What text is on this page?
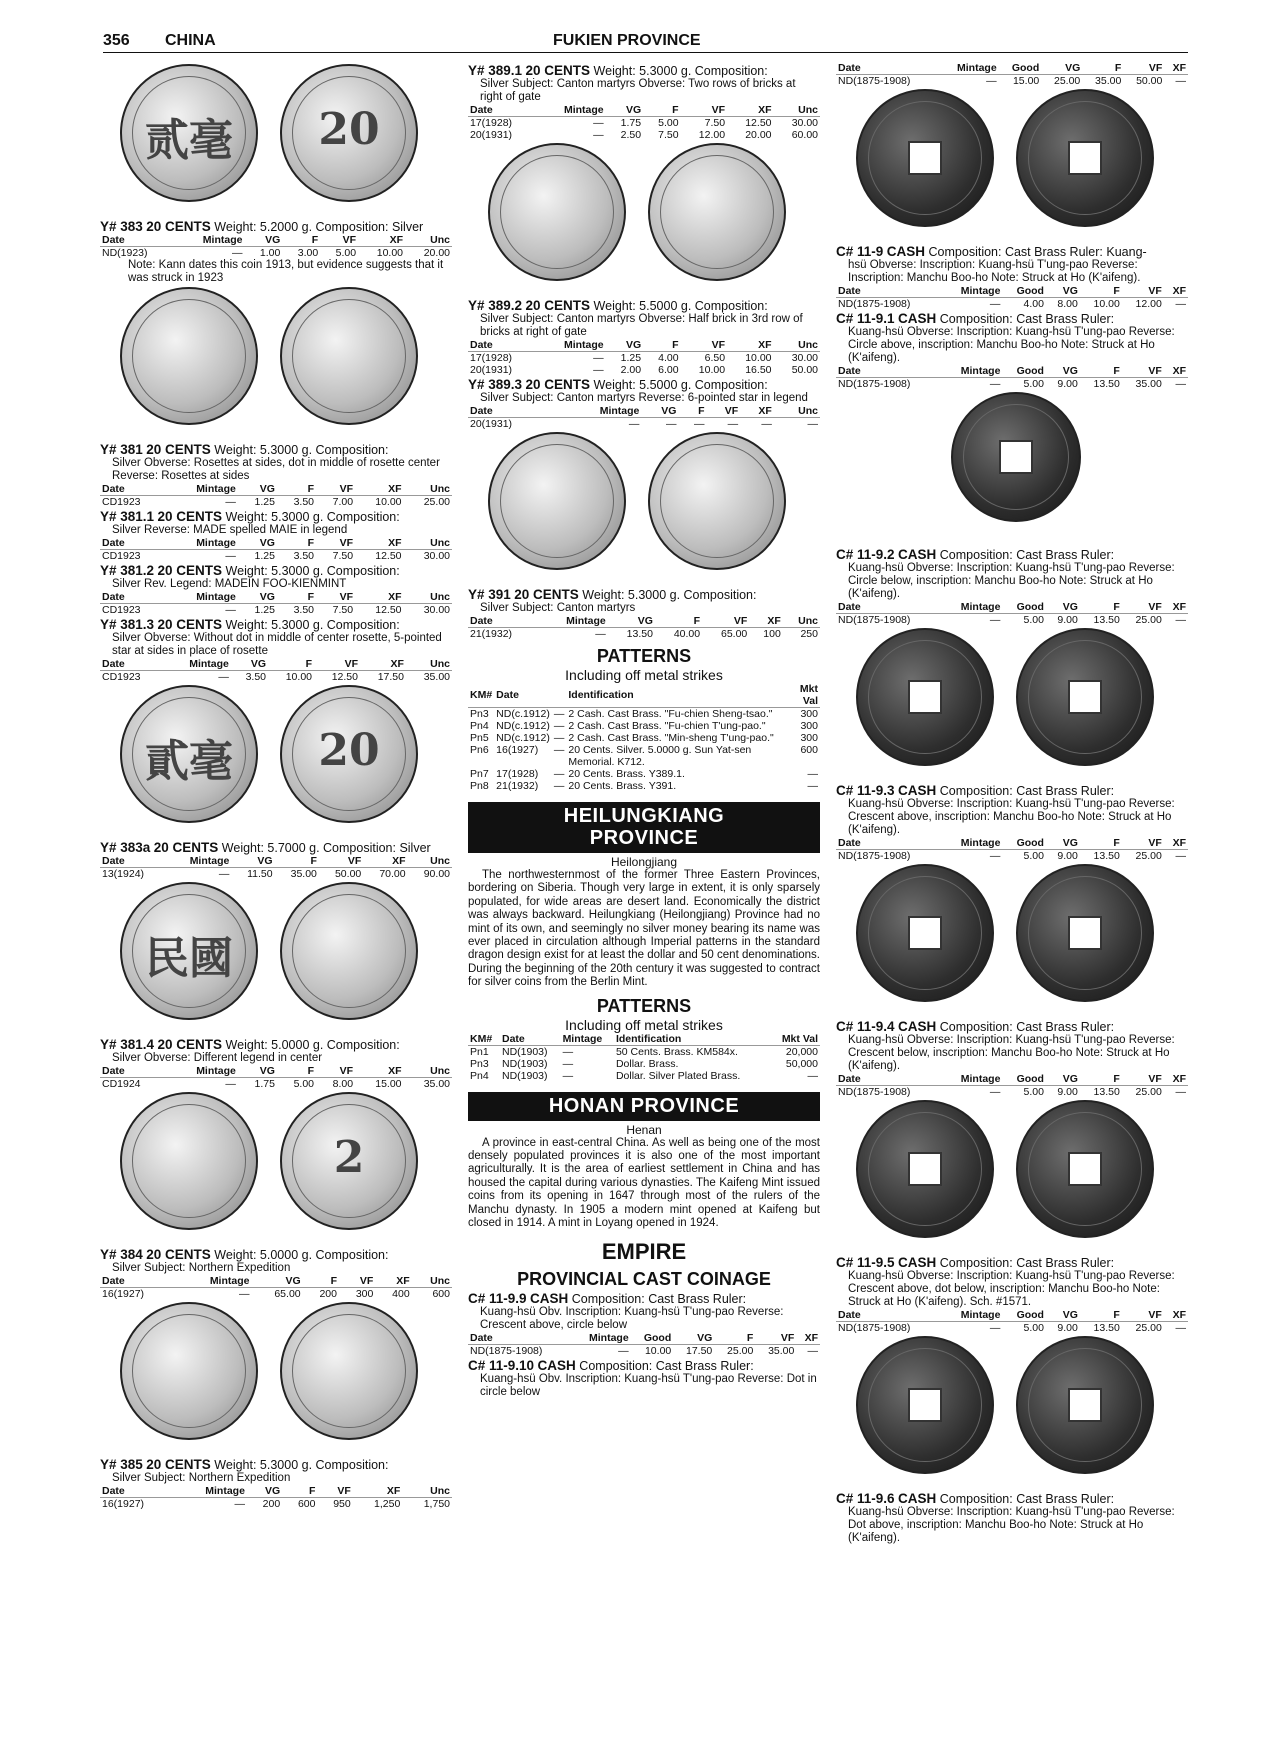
356 CHINA	FUKIEN PROVINCE
贰毫	20
Y# 383 20 CENTS Weight: 5.2000 g. Composition: Silver
Date	Mintage	VG	F	VF	XF	Unc
ND(1923)	—	1.00	3.00	5.00	10.00	20.00
Note: Kann dates this coin 1913, but evidence suggests that it was struck in 1923
Y# 381 20 CENTS Weight: 5.3000 g. Composition:
Silver Obverse: Rosettes at sides, dot in middle of rosette center Reverse: Rosettes at sides
Date	Mintage	VG	F	VF	XF	Unc
CD1923	—	1.25	3.50	7.00	10.00	25.00
Y# 381.1 20 CENTS Weight: 5.3000 g. Composition:
Silver Reverse: MADE spelled MAIE in legend
Date	Mintage	VG	F	VF	XF	Unc
CD1923	—	1.25	3.50	7.50	12.50	30.00
Y# 381.2 20 CENTS Weight: 5.3000 g. Composition:
Silver Rev. Legend: MADEIN FOO-KIENMINT
Date	Mintage	VG	F	VF	XF	Unc
CD1923	—	1.25	3.50	7.50	12.50	30.00
Y# 381.3 20 CENTS Weight: 5.3000 g. Composition:
Silver Obverse: Without dot in middle of center rosette, 5-pointed star at sides in place of rosette
Date	Mintage	VG	F	VF	XF	Unc
CD1923	—	3.50	10.00	12.50	17.50	35.00
貳毫	20
Y# 383a 20 CENTS Weight: 5.7000 g. Composition: Silver
Date	Mintage	VG	F	VF	XF	Unc
13(1924)	—	11.50	35.00	50.00	70.00	90.00
民國
Y# 381.4 20 CENTS Weight: 5.0000 g. Composition:
Silver Obverse: Different legend in center
Date	Mintage	VG	F	VF	XF	Unc
CD1924	—	1.75	5.00	8.00	15.00	35.00
2
Y# 384 20 CENTS Weight: 5.0000 g. Composition:
Silver Subject: Northern Expedition
Date	Mintage	VG	F	VF	XF	Unc
16(1927)	—	65.00	200	300	400	600
Y# 385 20 CENTS Weight: 5.3000 g. Composition:
Silver Subject: Northern Expedition
Date	Mintage	VG	F	VF	XF	Unc
16(1927)	—	200	600	950	1,250	1,750
Y# 389.1 20 CENTS Weight: 5.3000 g. Composition:
Silver Subject: Canton martyrs Obverse: Two rows of bricks at right of gate
Date	Mintage	VG	F	VF	XF	Unc
17(1928)	—	1.75	5.00	7.50	12.50	30.00
20(1931)	—	2.50	7.50	12.00	20.00	60.00
Y# 389.2 20 CENTS Weight: 5.5000 g. Composition:
Silver Subject: Canton martyrs Obverse: Half brick in 3rd row of bricks at right of gate
Date	Mintage	VG	F	VF	XF	Unc
17(1928)	—	1.25	4.00	6.50	10.00	30.00
20(1931)	—	2.00	6.00	10.00	16.50	50.00
Y# 389.3 20 CENTS Weight: 5.5000 g. Composition:
Silver Subject: Canton martyrs Reverse: 6-pointed star in legend
Date	Mintage	VG	F	VF	XF	Unc
20(1931)	—	—	—	—	—	—
Y# 391 20 CENTS Weight: 5.3000 g. Composition:
Silver Subject: Canton martyrs
Date	Mintage	VG	F	VF	XF	Unc
21(1932)	—	13.50	40.00	65.00	100	250
PATTERNS
Including off metal strikes
KM#	Date		Identification	Mkt Val
Pn3	ND(c.1912)	—	2 Cash. Cast Brass. "Fu-chien Sheng-tsao."	300
Pn4	ND(c.1912)	—	2 Cash. Cast Brass. "Fu-chien T'ung-pao."	300
Pn5	ND(c.1912)	—	2 Cash. Cast Brass. "Min-sheng T'ung-pao."	300
Pn6	16(1927)	—	20 Cents. Silver. 5.0000 g. Sun Yat-sen Memorial. K712.	600
Pn7	17(1928)	—	20 Cents. Brass. Y389.1.	—
Pn8	21(1932)	—	20 Cents. Brass. Y391.	—
HEILUNGKIANG
PROVINCE
Heilongjiang
The northwesternmost of the former Three Eastern Provinces, bordering on Siberia. Though very large in extent, it is only sparsely populated, for wide areas are desert land. Economically the district was always backward. Heilungkiang (Heilongjiang) Province had no mint of its own, and seemingly no silver money bearing its name was ever placed in circulation although Imperial patterns in the standard dragon design exist for at least the dollar and 50 cent denominations. During the beginning of the 20th century it was suggested to contract for silver coins from the Berlin Mint.
PATTERNS
Including off metal strikes
KM#	Date	Mintage	Identification	Mkt Val
Pn1	ND(1903)	—	50 Cents. Brass. KM584x.	20,000
Pn3	ND(1903)	—	Dollar. Brass.	50,000
Pn4	ND(1903)	—	Dollar. Silver Plated Brass.	—
HONAN PROVINCE
Henan
A province in east-central China. As well as being one of the most densely populated provinces it is also one of the most important agriculturally. It is the area of earliest settlement in China and has housed the capital during various dynasties. The Kaifeng Mint issued coins from its opening in 1647 through most of the rulers of the Manchu dynasty. In 1905 a modern mint opened at Kaifeng but closed in 1914. A mint in Loyang opened in 1924.
EMPIRE
PROVINCIAL CAST COINAGE
C# 11-9.9 CASH Composition: Cast Brass Ruler:
Kuang-hsü Obv. Inscription: Kuang-hsü T'ung-pao Reverse: Crescent above, circle below
Date	Mintage	Good	VG	F	VF	XF
ND(1875-1908)	—	10.00	17.50	25.00	35.00	—
C# 11-9.10 CASH Composition: Cast Brass Ruler:
Kuang-hsü Obv. Inscription: Kuang-hsü T'ung-pao Reverse: Dot in circle below
Date	Mintage	Good	VG	F	VF	XF
ND(1875-1908)	—	15.00	25.00	35.00	50.00	—
C# 11-9 CASH Composition: Cast Brass Ruler: Kuang-
hsü Obverse: Inscription: Kuang-hsü T'ung-pao Reverse: Inscription: Manchu Boo-ho Note: Struck at Ho (K'aifeng).
Date	Mintage	Good	VG	F	VF	XF
ND(1875-1908)	—	4.00	8.00	10.00	12.00	—
C# 11-9.1 CASH Composition: Cast Brass Ruler:
Kuang-hsü Obverse: Inscription: Kuang-hsü T'ung-pao Reverse: Circle above, inscription: Manchu Boo-ho Note: Struck at Ho (K'aifeng).
Date	Mintage	Good	VG	F	VF	XF
ND(1875-1908)	—	5.00	9.00	13.50	35.00	—
C# 11-9.2 CASH Composition: Cast Brass Ruler:
Kuang-hsü Obverse: Inscription: Kuang-hsü T'ung-pao Reverse: Circle below, inscription: Manchu Boo-ho Note: Struck at Ho (K'aifeng).
Date	Mintage	Good	VG	F	VF	XF
ND(1875-1908)	—	5.00	9.00	13.50	25.00	—
C# 11-9.3 CASH Composition: Cast Brass Ruler:
Kuang-hsü Obverse: Inscription: Kuang-hsü T'ung-pao Reverse: Crescent above, inscription: Manchu Boo-ho Note: Struck at Ho (K'aifeng).
Date	Mintage	Good	VG	F	VF	XF
ND(1875-1908)	—	5.00	9.00	13.50	25.00	—
C# 11-9.4 CASH Composition: Cast Brass Ruler:
Kuang-hsü Obverse: Inscription: Kuang-hsü T'ung-pao Reverse: Crescent below, inscription: Manchu Boo-ho Note: Struck at Ho (K'aifeng).
Date	Mintage	Good	VG	F	VF	XF
ND(1875-1908)	—	5.00	9.00	13.50	25.00	—
C# 11-9.5 CASH Composition: Cast Brass Ruler:
Kuang-hsü Obverse: Inscription: Kuang-hsü T'ung-pao Reverse: Crescent above, dot below, inscription: Manchu Boo-ho Note: Struck at Ho (K'aifeng). Sch. #1571.
Date	Mintage	Good	VG	F	VF	XF
ND(1875-1908)	—	5.00	9.00	13.50	25.00	—
C# 11-9.6 CASH Composition: Cast Brass Ruler:
Kuang-hsü Obverse: Inscription: Kuang-hsü T'ung-pao Reverse: Dot above, inscription: Manchu Boo-ho Note: Struck at Ho (K'aifeng).
